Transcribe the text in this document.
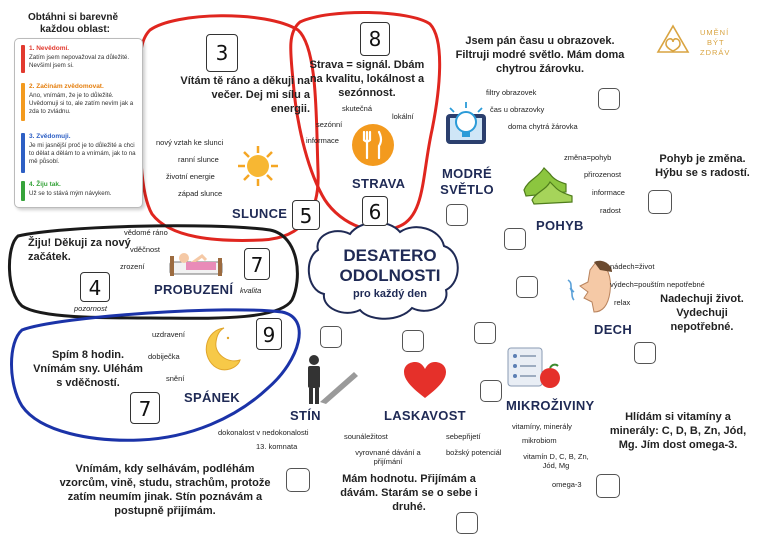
Obtáhni si barevně
každou oblast:
1. Nevědomí.
Zatím jsem nepovažoval za důležité. Nevšiml jsem si.
2. Začínám zvědomovat.
Ano, vnímám, že je to důležité. Uvědomuji si to, ale zatím nevím jak a zda to zvládnu.
3. Zvědomuji.
Je mi jasnější proč je to důležité a chci to dělat a dělám to a vnímám, jak to na mě působí.
4. Žiju tak.
Už se to stává mým návykem.
UMĚNÍ
BÝT
ZDRÁV
DESATERO
ODOLNOSTI
pro každý den
3
Vítám tě ráno a děkuji na večer. Dej mi sílu a energii.
nový vztah ke slunci
ranní slunce
životní energie
západ slunce
SLUNCE 5
8
Strava = signál. Dbám na kvalitu, lokálnost a sezónnost.
skutečná
lokální
sezónní
informace
STRAVA
6
Jsem pán času u obrazovek. Filtruji modré světlo. Mám doma chytrou žárovku.
filtry obrazovek
čas u obrazovky
doma chytrá žárovka
MODRÉ
SVĚTLO
změna=pohyb
přirozenost
informace
radost
Pohyb je změna. Hýbu se s radostí.
POHYB
Žiju! Děkuji za nový začátek.
vědomé ráno
vděčnost
zrození	7
PROBUZENÍ kvalita
4
pozornost
Spím 8 hodin. Vnímám sny. Uléhám s vděčností.
uzdravení
dobiječka
snění
9
SPÁNEK
7
nádech=život
výdech=pouštím nepotřebné
relax	Nadechuji život. Vydechuji nepotřebné.
DECH
STÍN
dokonalost v nedokonalosti
13. komnata
Vnímám, kdy selhávám, podléhám vzorcům, vině, studu, strachům, protože zatím neumím jinak. Stín poznávám a postupně přijímám.
LASKAVOST
sounáležitost	sebepřijetí
vyrovnané dávání a přijímání
božský potenciál
Mám hodnotu. Přijímám a dávám. Starám se o sebe i druhé.
MIKROŽIVINY
vitamíny, minerály
mikrobiom
vitamín D, C, B, Zn, Jód, Mg
omega-3
Hlídám si vitamíny a minerály: C, D, B, Zn, Jód, Mg. Jím dost omega-3.
